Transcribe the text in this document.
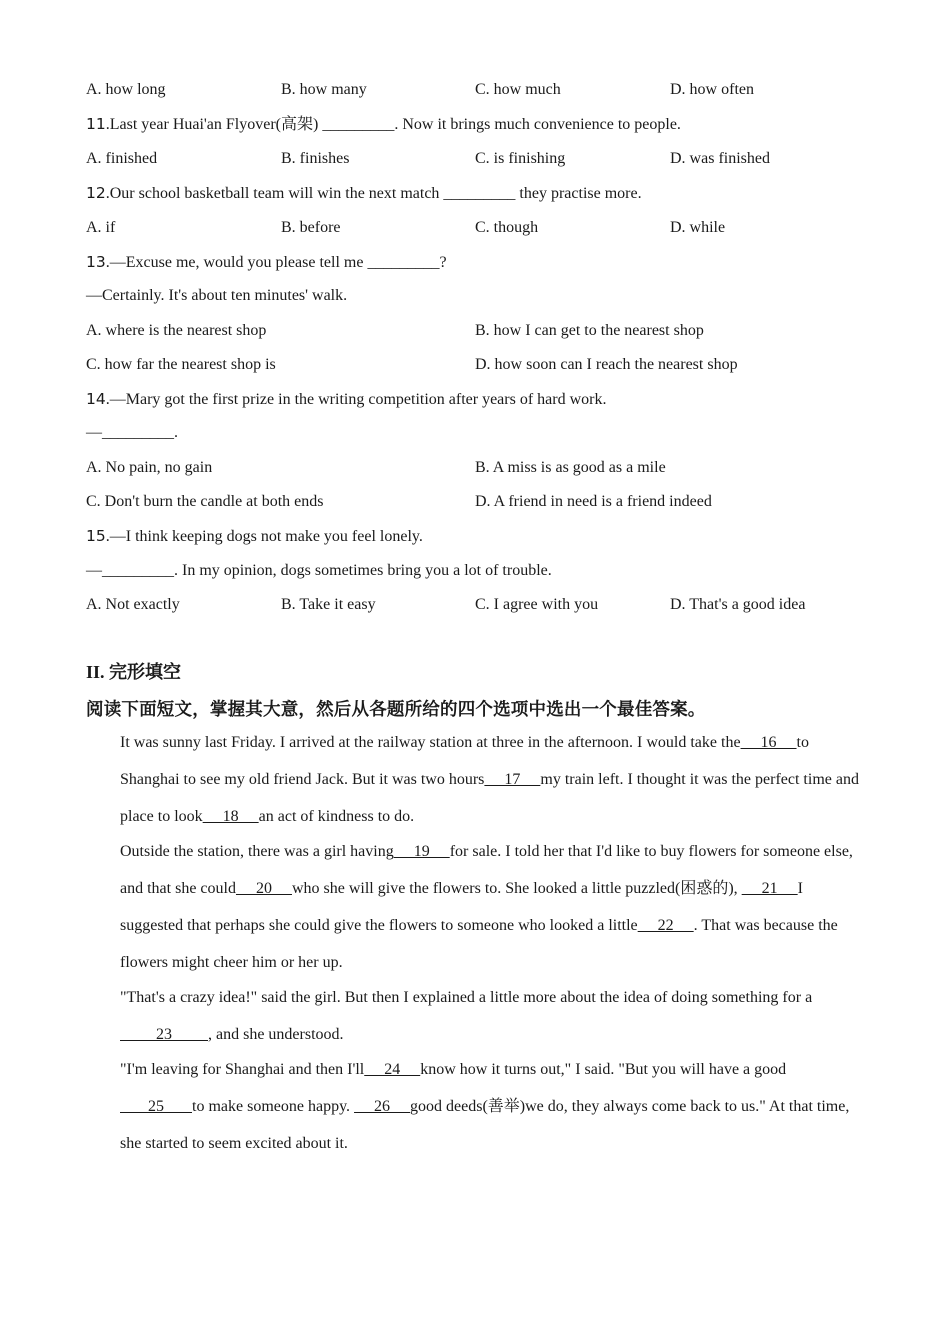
A. how long	B. how many	C. how much	D. how often
11.Last year Huai'an Flyover(高架) _________. Now it brings much convenience to people.
A. finished	B. finishes	C. is finishing	D. was finished
12.Our school basketball team will win the next match _________ they practise more.
A. if	B. before	C. though	D. while
13.—Excuse me, would you please tell me _________?
—Certainly. It's about ten minutes' walk.
A. where is the nearest shop	B. how I can get to the nearest shop
C. how far the nearest shop is	D. how soon can I reach the nearest shop
14.—Mary got the first prize in the writing competition after years of hard work.
—_________.
A. No pain, no gain	B. A miss is as good as a mile
C. Don't burn the candle at both ends	D. A friend in need is a friend indeed
15.—I think keeping dogs not make you feel lonely.
—_________. In my opinion, dogs sometimes bring you a lot of trouble.
A. Not exactly	B. Take it easy	C. I agree with you	D. That's a good idea
II. 完形填空
阅读下面短文，掌握其大意，然后从各题所给的四个选项中选出一个最佳答案。
It was sunny last Friday. I arrived at the railway station at three in the afternoon. I would take the     16     to Shanghai to see my old friend Jack. But it was two hours     17     my train left. I thought it was the perfect time and place to look     18     an act of kindness to do.
Outside the station, there was a girl having     19     for sale. I told her that I'd like to buy flowers for someone else, and that she could     20     who she will give the flowers to. She looked a little puzzled(困惑的),      21     I suggested that perhaps she could give the flowers to someone who looked a little     22     . That was because the flowers might cheer him or her up.
"That's a crazy idea!" said the girl. But then I explained a little more about the idea of doing something for a         23         , and she understood.
"I'm leaving for Shanghai and then I'll     24     know how it turns out," I said. "But you will have a good       25       to make someone happy.      26     good deeds(善举)we do, they always come back to us." At that time, she started to seem excited about it.
